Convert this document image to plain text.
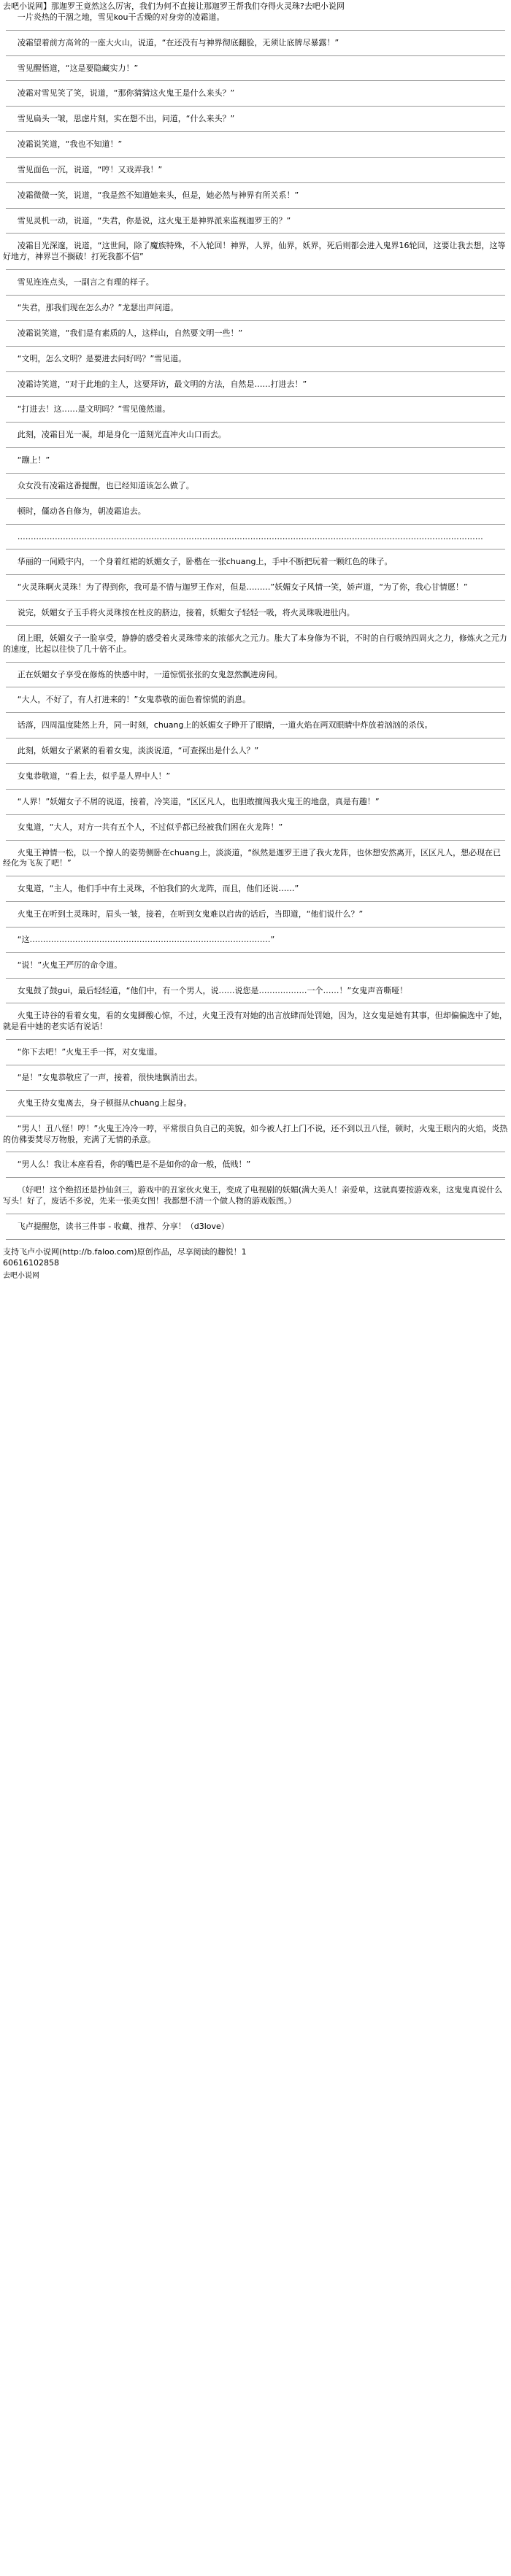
去吧小说网】那迦罗王竟然这么厉害，我们为何不直接让那迦罗王帮我们夺得火灵珠?去吧小说网

一片炎热的干涸之地，雪见kou干舌燥的对身旁的凌霜道。

凌霜望着前方高耸的一座大火山，说道，“在还没有与神界彻底翻脸，无须让底牌尽暴露！”

雪见醒悟道，“这是要隐藏实力！”

凌霜对雪见笑了笑，说道，“那你猜猜这火鬼王是什么来头？”

雪见扁头一皱，思虑片刻，实在想不出，问道，“什么来头？”

凌霜说笑道，“我也不知道！”

雪见面色一沉，说道，“哼！又戏弄我！”

凌霜微微一笑，说道，“我是然不知道她来头，但是，她必然与神界有所关系！”

雪见灵机一动，说道，“失君，你是说，这火鬼王是神界派来监视迦罗王的？”

凌霜目光深邃，说道，“这世间，除了魔族特殊，不入轮回！神界，人界，仙界，妖界，死后则都会进入鬼界16轮回，这要让我去想，这等好地方，神界岂不搁破！打死我都不信”

雪见连连点头，一副言之有理的样子。

“失君，那我们现在怎么办？”龙瑟出声问道。

凌霜说笑道，“我们是有素质的人，这样山，自然要文明一些！”

“文明，怎么文明？是要进去问好吗？”雪见道。

凌霜诗笑道，“对于此地的主人，这要拜访，最文明的方法，自然是……打进去！”

“打进去！这……是文明吗？”雪见傻然道。

此刻，凌霜目光一凝，却是身化一道刻光直冲火山口而去。

“蹦上！”

众女没有凌霜这番提醒，也已经知道该怎么做了。

顿时，僵动各自修为，朝凌霜追去。

…………………………………………………………………………………………………………………………………………………………

华丽的一间殿宇内，一个身着红裙的妖媚女子，卧楷在一张chuang上，手中不断把玩着一颗红色的珠子。

“火灵珠啊火灵珠！为了得到你，我可是不惜与迦罗王作对，但是………”妖媚女子风情一笑，娇声道，“为了你，我心甘情愿！”

说完，妖媚女子玉手将火灵珠按在杜皮的脐边，接着，妖媚女子轻轻一吸，将火灵珠吸进肚内。

闭上眼，妖媚女子一脸享受，静静的感受着火灵珠带来的浓郁火之元力。胀大了本身修为不说，不时的自行吸纳四周火之力，修炼火之元力的速度，比起以往快了几十倍不止。

正在妖媚女子享受在修炼的快感中时，一道惊慌张张的女鬼忽然飘进房间。

“大人，不好了，有人打进来的！”女鬼恭敬的面色着惊慌的消息。

话落，四周温度陡然上升，同一时刻，chuang上的妖媚女子睁开了眼睛，一道火焰在两双眼睛中炸放着汹汹的杀伐。

此刻，妖媚女子紧紧的看着女鬼，淡淡说道，“可查探出是什么人？”

女鬼恭敬道，“看上去，似乎是人界中人！”

“人界！”妖媚女子不屑的说道，接着，冷笑道，“区区凡人，也胆敢擅闯我火鬼王的地盘，真是有趣！”

女鬼道，“大人，对方一共有五个人，不过似乎都已经被我们困在火龙阵！”

火鬼王神情一松，以一个撩人的姿势侧卧在chuang上，淡淡道，“纵然是迦罗王进了我火龙阵，也休想安然离开，区区凡人，想必现在已经化为飞灰了吧！”

女鬼道，“主人，他们手中有土灵珠，不怕我们的火龙阵，而且，他们还说……”

火鬼王在听到土灵珠时，眉头一皱，接着，在听到女鬼难以启齿的话后，当即道，“他们说什么？”

“这………………………………………………………………………………”

“说！”火鬼王严厉的命令道。

女鬼鼓了鼓gui，最后轻轻道，“他们中，有一个男人，说……说您是………………一个……！”女鬼声音嘶哑！

火鬼王诗谷的看着女鬼，看的女鬼脚酸心惊，不过，火鬼王没有对她的出言放肆而处罚她，因为，这女鬼是她有其事，但却偏偏选中了她，就是看中她的老实话有说话！

“你下去吧！”火鬼王手一挥，对女鬼道。

“是！”女鬼恭敬应了一声，接着，很快地飘消出去。

火鬼王待女鬼离去，身子顿挺从chuang上起身。

“男人！丑八怪！哼！”火鬼王冷冷一哼，平常很自负自己的美貌，如今被人打上门不说，还不到以丑八怪，顿时，火鬼王眼内的火焰，炎热的仿佛要焚尽万物般，充满了无情的杀意。

“男人么！我让本座看看，你的嘴巴是不是如你的命一般，低贱！”

（好吧！这个绝招还是抄仙剑三，游戏中的丑家伙火鬼王，变成了电视剧的妖媚(满大美人！亲爱单，这就真要按游戏来，这鬼鬼真说什么写头！好了，废话不多说，先来一张美女图！我都想不清一个做人物的游戏版图。）

飞卢提醒您，读书三件事 - 收藏、推荐、分享！（d3love）

支持飞卢小说网(http://b.faloo.com)原创作品，尽享阅读的趣悦！1
60616102858
去吧小说网
